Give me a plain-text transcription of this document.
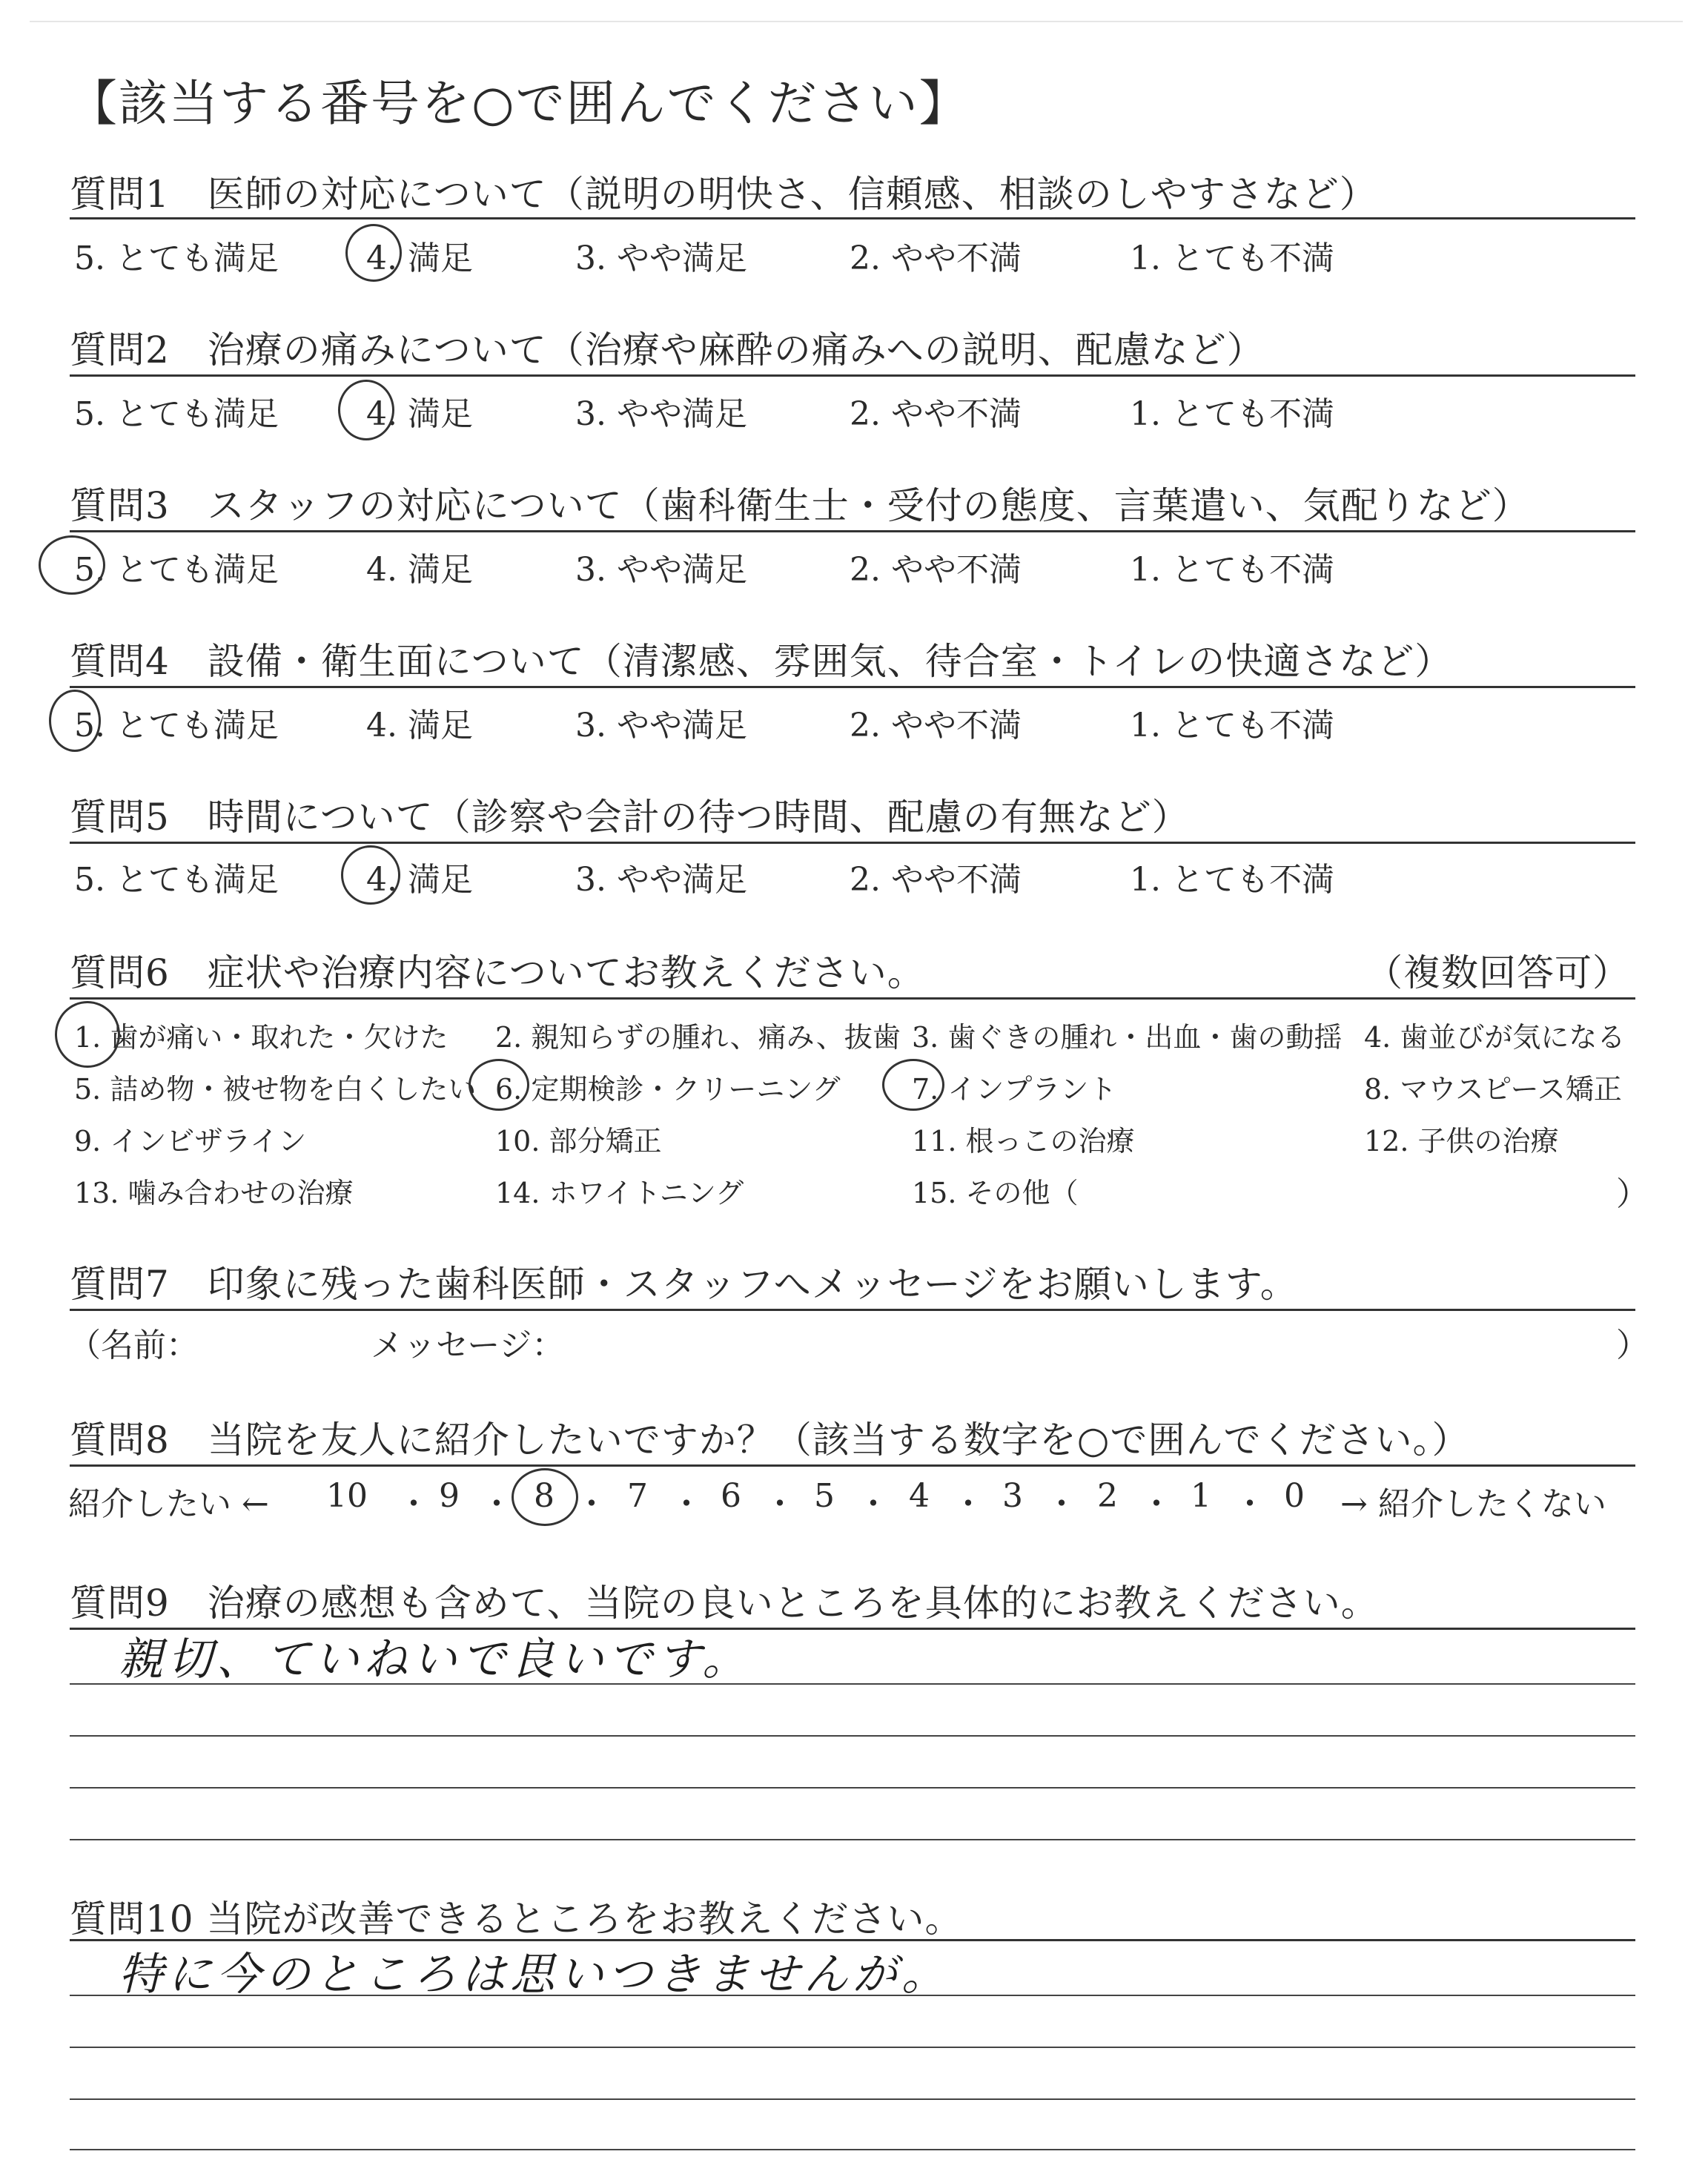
【該当する番号を○で囲んでください】
質問1　医師の対応について（説明の明快さ、信頼感、相談のしやすさなど）
5. とても満足	4. 満足	3. やや満足	2. やや不満	1. とても不満
質問2　治療の痛みについて（治療や麻酔の痛みへの説明、配慮など）
5. とても満足	4. 満足	3. やや満足	2. やや不満	1. とても不満
質問3　スタッフの対応について（歯科衛生士・受付の態度、言葉遣い、気配りなど）
5. とても満足	4. 満足	3. やや満足	2. やや不満	1. とても不満
質問4　設備・衛生面について（清潔感、雰囲気、待合室・トイレの快適さなど）
5. とても満足	4. 満足	3. やや満足	2. やや不満	1. とても不満
質問5　時間について（診察や会計の待つ時間、配慮の有無など）
5. とても満足	4. 満足	3. やや満足	2. やや不満	1. とても不満
質問6　症状や治療内容についてお教えください。	（複数回答可）
1. 歯が痛い・取れた・欠けた 2. 親知らずの腫れ、痛み、抜歯 3. 歯ぐきの腫れ・出血・歯の動揺 4. 歯並びが気になる
5. 詰め物・被せ物を白くしたい 6. 定期検診・クリーニング	7. インプラント	8. マウスピース矯正
9. インビザライン	10. 部分矯正	11. 根っこの治療	12. 子供の治療
13. 噛み合わせの治療	14. ホワイトニング	15. その他（	）
質問7　印象に残った歯科医師・スタッフへメッセージをお願いします。
（名前：	メッセージ：	）
質問8　当院を友人に紹介したいですか？（該当する数字を○で囲んでください。）
紹介したい ← 10 ・ 9 ・ 8 ・ 7 ・ 6 ・ 5 ・ 4 ・ 3 ・ 2 ・ 1 ・ 0 → 紹介したくない
質問9　治療の感想も含めて、当院の良いところを具体的にお教えください。
親切、ていねいで良いです。
質問10 当院が改善できるところをお教えください。
特に今のところは思いつきませんが。
